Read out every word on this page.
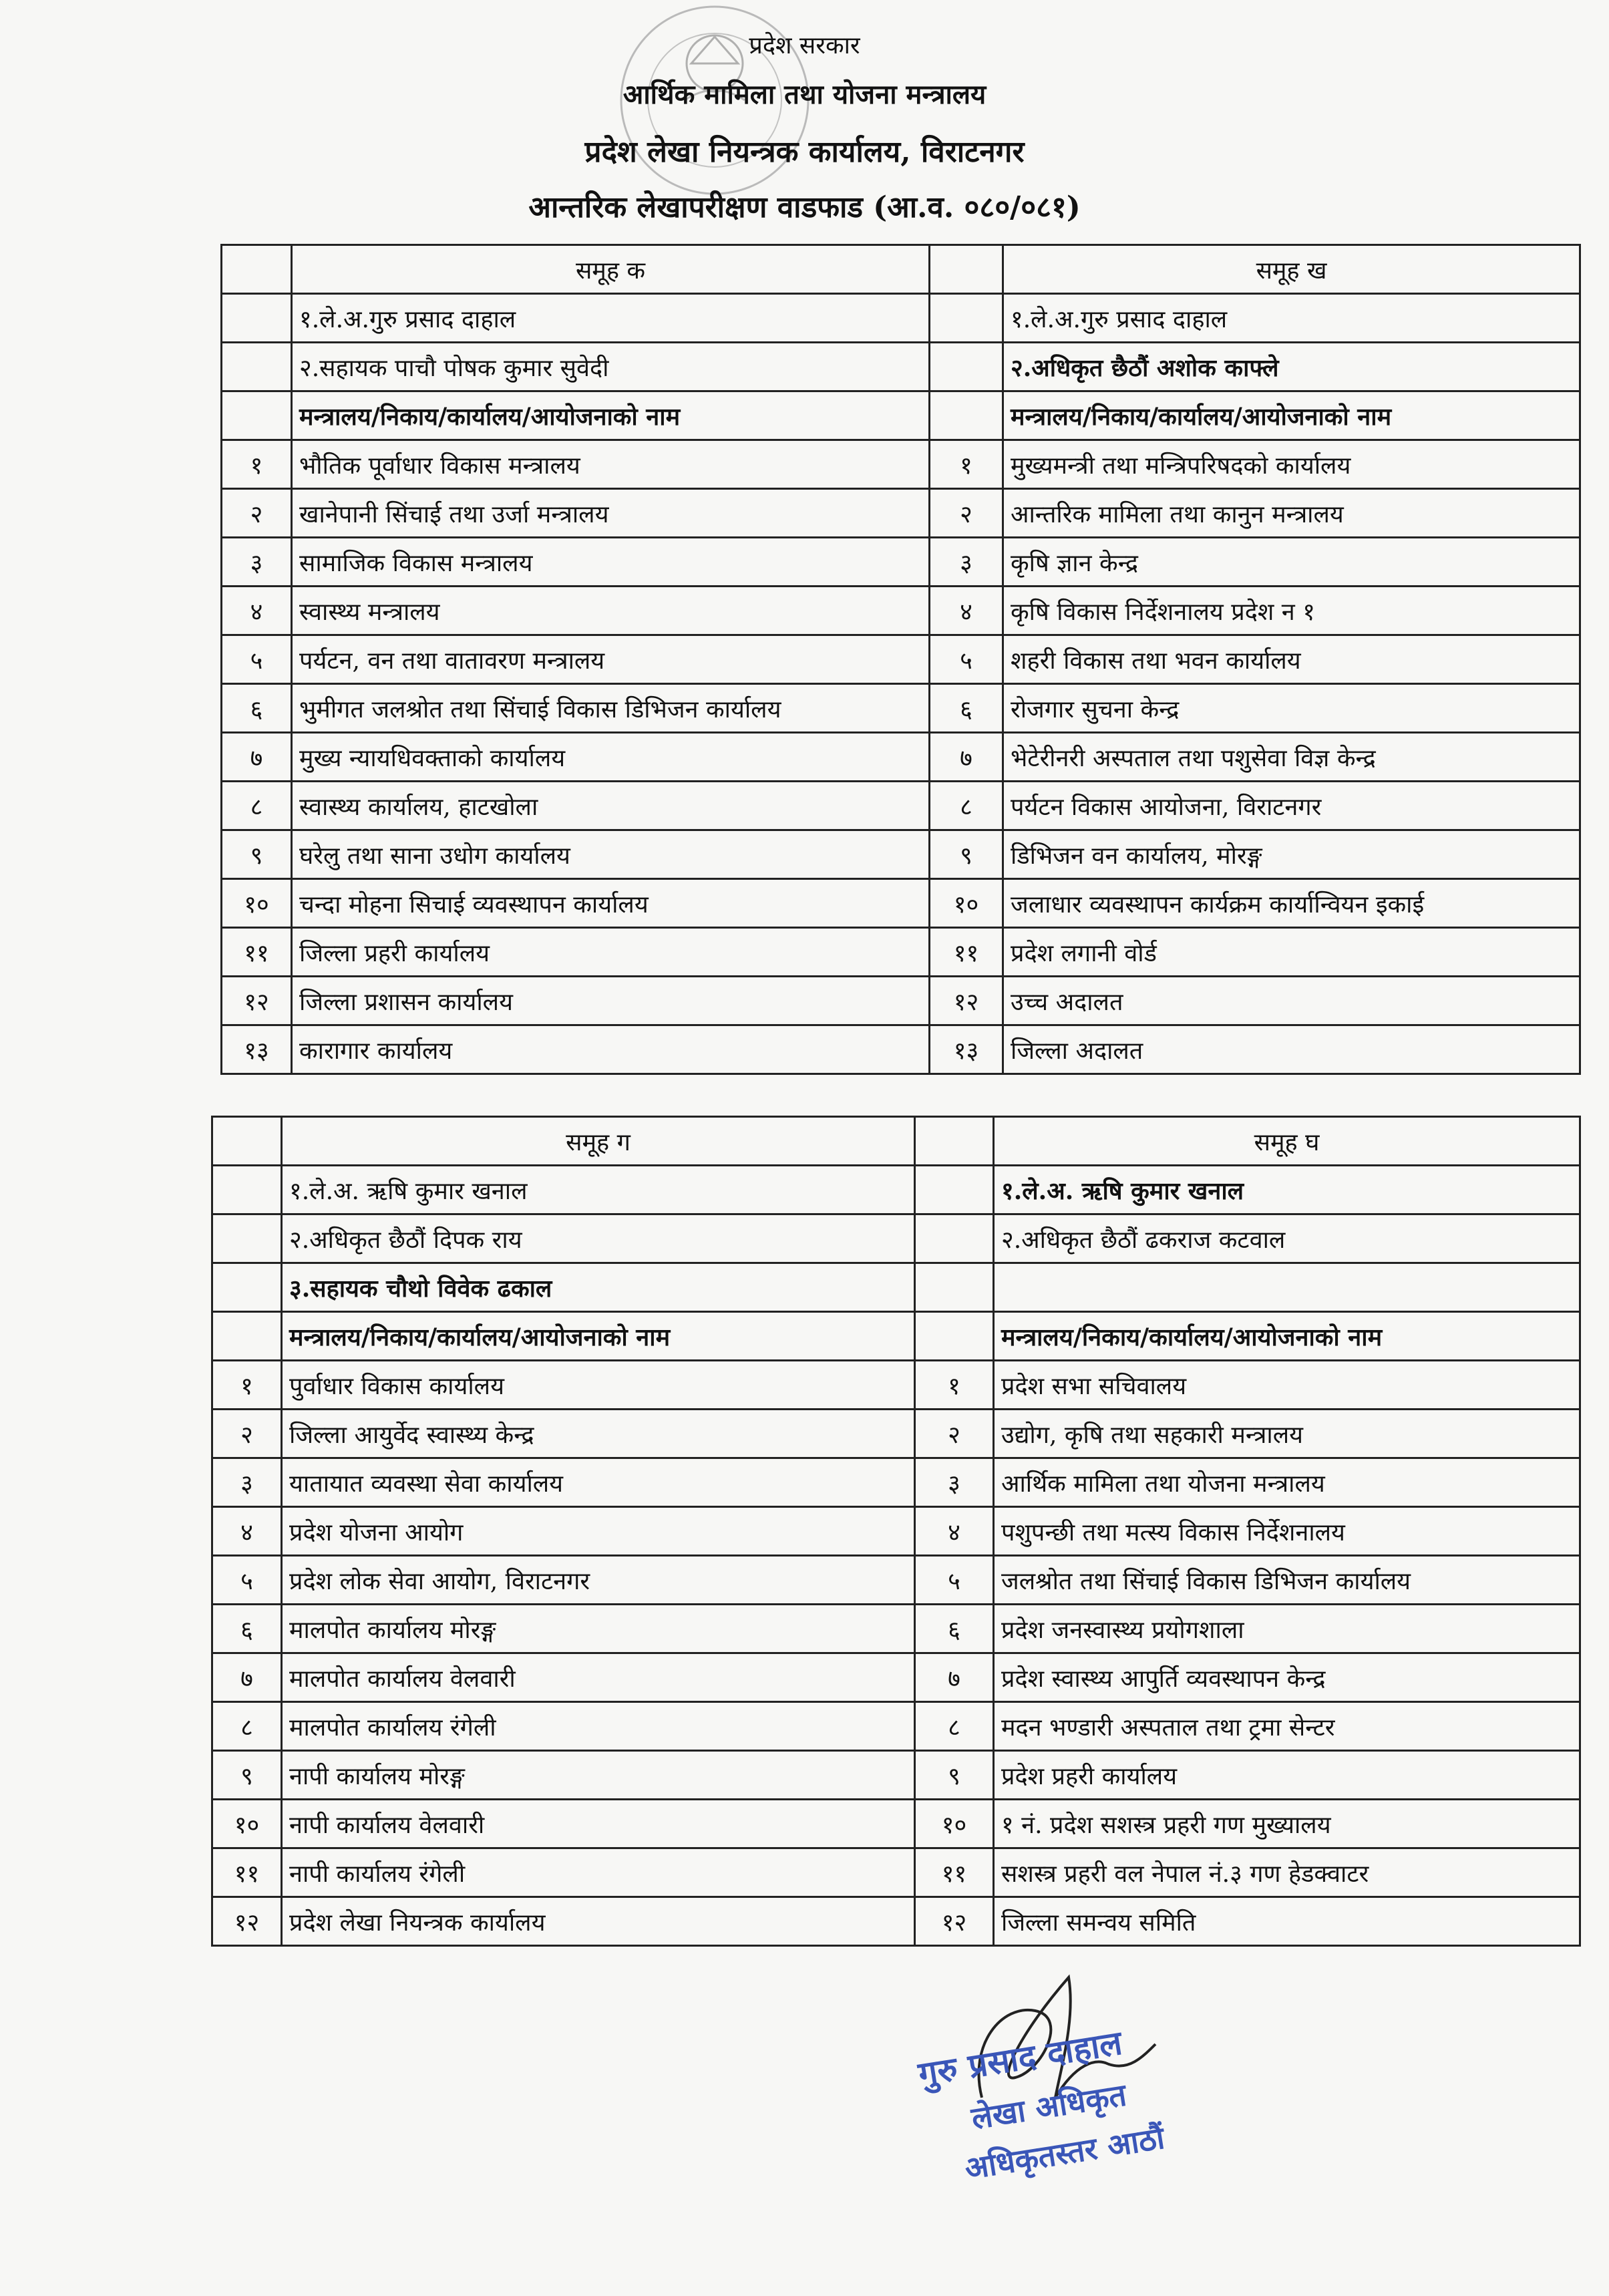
प्रदेश सरकार
आर्थिक मामिला तथा योजना मन्त्रालय
प्रदेश लेखा नियन्त्रक कार्यालय, विराटनगर
आन्तरिक लेखापरीक्षण वाडफाड (आ.व. ०८०/०८१)
	समूह क		समूह ख
	१.ले.अ.गुरु प्रसाद दाहाल		१.ले.अ.गुरु प्रसाद दाहाल
	२.सहायक पाचौ पोषक कुमार सुवेदी		२.अधिकृत छैठौं अशोक काफ्ले
	मन्त्रालय/निकाय/कार्यालय/आयोजनाको नाम		मन्त्रालय/निकाय/कार्यालय/आयोजनाको नाम
१	भौतिक पूर्वाधार विकास मन्त्रालय	१	मुख्यमन्त्री तथा मन्त्रिपरिषदको कार्यालय
२	खानेपानी सिंचाई तथा उर्जा मन्त्रालय	२	आन्तरिक मामिला तथा कानुन मन्त्रालय
३	सामाजिक विकास मन्त्रालय	३	कृषि ज्ञान केन्द्र
४	स्वास्थ्य मन्त्रालय	४	कृषि विकास निर्देशनालय प्रदेश न १
५	पर्यटन, वन तथा वातावरण मन्त्रालय	५	शहरी विकास तथा भवन कार्यालय
६	भुमीगत जलश्रोत तथा सिंचाई विकास डिभिजन कार्यालय	६	रोजगार सुचना केन्द्र
७	मुख्य न्यायधिवक्ताको कार्यालय	७	भेटेरीनरी अस्पताल तथा पशुसेवा विज्ञ केन्द्र
८	स्वास्थ्य कार्यालय, हाटखोला	८	पर्यटन विकास आयोजना, विराटनगर
९	घरेलु तथा साना उधोग कार्यालय	९	डिभिजन वन कार्यालय, मोरङ्ग
१०	चन्दा मोहना सिचाई व्यवस्थापन कार्यालय	१०	जलाधार व्यवस्थापन कार्यक्रम कार्यान्वियन इकाई
११	जिल्ला प्रहरी कार्यालय	११	प्रदेश लगानी वोर्ड
१२	जिल्ला प्रशासन कार्यालय	१२	उच्च अदालत
१३	कारागार कार्यालय	१३	जिल्ला अदालत
	समूह ग		समूह घ
	१.ले.अ. ऋषि कुमार खनाल		१.ले.अ. ऋषि कुमार खनाल
	२.अधिकृत छैठौं दिपक राय		२.अधिकृत छैठौं ढकराज कटवाल
	३.सहायक चौथो विवेक ढकाल		
	मन्त्रालय/निकाय/कार्यालय/आयोजनाको नाम		मन्त्रालय/निकाय/कार्यालय/आयोजनाको नाम
१	पुर्वाधार विकास कार्यालय	१	प्रदेश सभा सचिवालय
२	जिल्ला आयुर्वेद स्वास्थ्य केन्द्र	२	उद्योग, कृषि तथा सहकारी मन्त्रालय
३	यातायात व्यवस्था सेवा कार्यालय	३	आर्थिक मामिला तथा योजना मन्त्रालय
४	प्रदेश योजना आयोग	४	पशुपन्छी तथा मत्स्य विकास निर्देशनालय
५	प्रदेश लोक सेवा आयोग, विराटनगर	५	जलश्रोत तथा सिंचाई विकास डिभिजन कार्यालय
६	मालपोत कार्यालय मोरङ्ग	६	प्रदेश जनस्वास्थ्य प्रयोगशाला
७	मालपोत कार्यालय वेलवारी	७	प्रदेश स्वास्थ्य आपुर्ति व्यवस्थापन केन्द्र
८	मालपोत कार्यालय रंगेली	८	मदन भण्डारी अस्पताल तथा ट्रमा सेन्टर
९	नापी कार्यालय मोरङ्ग	९	प्रदेश प्रहरी कार्यालय
१०	नापी कार्यालय वेलवारी	१०	१ नं. प्रदेश सशस्त्र प्रहरी गण मुख्यालय
११	नापी कार्यालय रंगेली	११	सशस्त्र प्रहरी वल नेपाल नं.३ गण हेडक्वाटर
१२	प्रदेश लेखा नियन्त्रक कार्यालय	१२	जिल्ला समन्वय समिति
गुरु प्रसाद दाहाल
लेखा अधिकृत
अधिकृतस्तर आठौं
